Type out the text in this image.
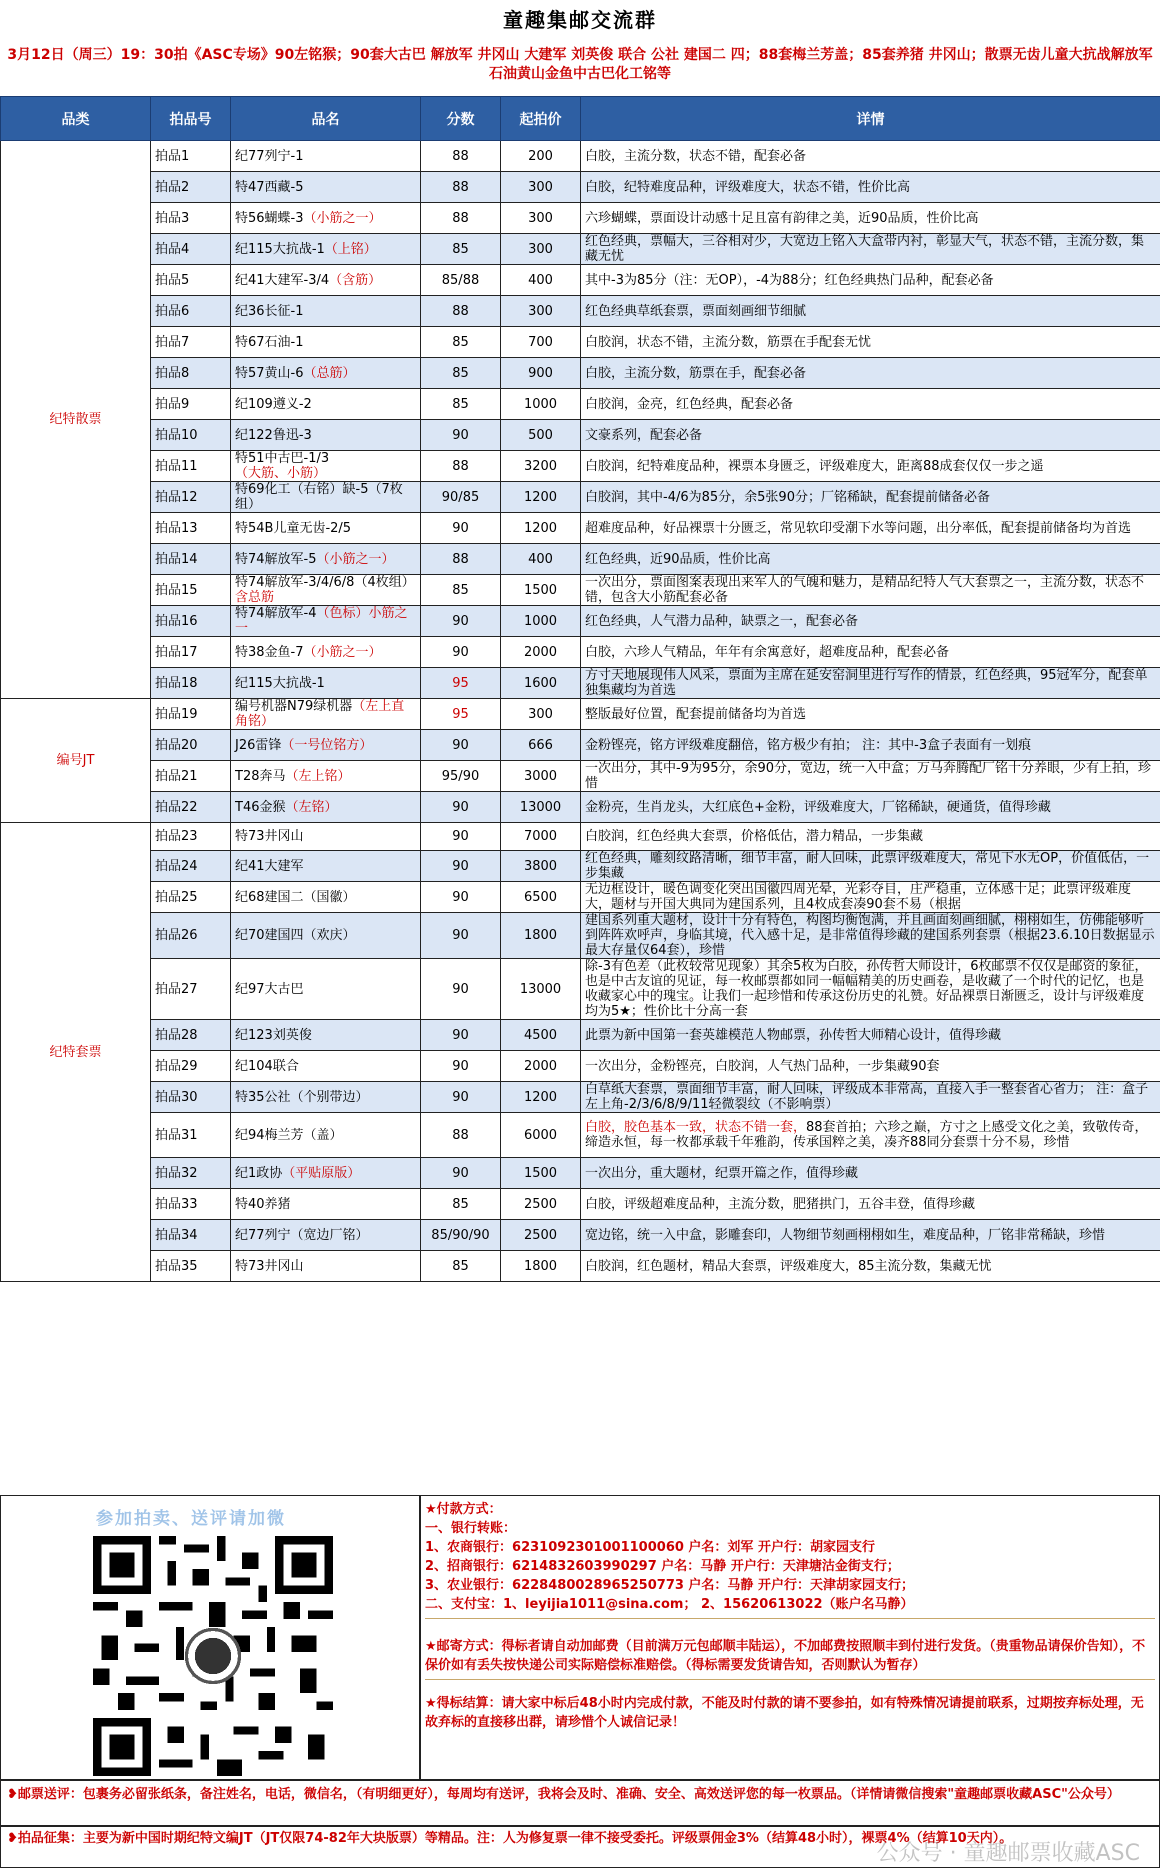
童趣集邮交流群
3月12日（周三）19：30拍《ASC专场》90左铭猴；90套大古巴 解放军 井冈山 大建军 刘英俊 联合 公社 建国二 四；88套梅兰芳盖；85套养猪 井冈山；散票无齿儿童大抗战解放军石油黄山金鱼中古巴化工铭等
品类	拍品号	品名	分数	起拍价	详情
纪特散票	拍品1	纪77列宁-1	88	200	白胶，主流分数，状态不错，配套必备
	拍品2	特47西藏-5	88	300	白胶，纪特难度品种，评级难度大，状态不错，性价比高
	拍品3	特56蝴蝶-3（小筋之一）	88	300	六珍蝴蝶，票面设计动感十足且富有韵律之美，近90品质，性价比高
	拍品4	纪115大抗战-1（上铭）	85	300	红色经典，票幅大，三谷相对少，大宽边上铭入大盒带内衬，彰显大气，状态不错，主流分数，集藏无忧
	拍品5	纪41大建军-3/4（含筋）	85/88	400	其中-3为85分（注：无OP），-4为88分；红色经典热门品种，配套必备
	拍品6	纪36长征-1	88	300	红色经典草纸套票，票面刻画细节细腻
	拍品7	特67石油-1	85	700	白胶润，状态不错，主流分数，筋票在手配套无忧
	拍品8	特57黄山-6（总筋）	85	900	白胶，主流分数，筋票在手，配套必备
	拍品9	纪109遵义-2	85	1000	白胶润，金亮，红色经典，配套必备
	拍品10	纪122鲁迅-3	90	500	文豪系列，配套必备
	拍品11	特51中古巴-1/3（大筋、小筋）	88	3200	白胶润，纪特难度品种，裸票本身匮乏，评级难度大，距离88成套仅仅一步之遥
	拍品12	特69化工（右铭）缺-5（7枚组）	90/85	1200	白胶润，其中-4/6为85分，余5张90分；厂铭稀缺，配套提前储备必备
	拍品13	特54B儿童无齿-2/5	90	1200	超难度品种，好品裸票十分匮乏，常见软印受潮下水等问题，出分率低，配套提前储备均为首选
	拍品14	特74解放军-5（小筋之一）	88	400	红色经典，近90品质，性价比高
	拍品15	特74解放军-3/4/6/8（4枚组）含总筋	85	1500	一次出分，票面图案表现出来军人的气魄和魅力，是精品纪特人气大套票之一，主流分数，状态不错，包含大小筋配套必备
	拍品16	特74解放军-4（色标）小筋之一	90	1000	红色经典，人气潜力品种，缺票之一，配套必备
	拍品17	特38金鱼-7（小筋之一）	90	2000	白胶，六珍人气精品，年年有余寓意好，超难度品种，配套必备
	拍品18	纪115大抗战-1	95	1600	方寸天地展现伟人风采，票面为主席在延安窑洞里进行写作的情景，红色经典，95冠军分，配套单独集藏均为首选
编号JT	拍品19	编号机器N79绿机器（左上直角铭）	95	300	整版最好位置，配套提前储备均为首选
	拍品20	J26雷锋（一号位铭方）	90	666	金粉铿亮，铭方评级难度翻倍，铭方极少有拍； 注：其中-3盒子表面有一划痕
	拍品21	T28奔马（左上铭）	95/90	3000	一次出分，其中-9为95分，余90分，宽边，统一入中盒；万马奔腾配厂铭十分养眼，少有上拍，珍惜
	拍品22	T46金猴（左铭）	90	13000	金粉亮，生肖龙头，大红底色+金粉，评级难度大，厂铭稀缺，硬通货，值得珍藏
纪特套票	拍品23	特73井冈山	90	7000	白胶润，红色经典大套票，价格低估，潜力精品，一步集藏
	拍品24	纪41大建军	90	3800	红色经典，雕刻纹路清晰，细节丰富，耐人回味，此票评级难度大，常见下水无OP，价值低估，一步集藏
	拍品25	纪68建国二（国徽）	90	6500	无边框设计，暖色调变化突出国徽四周光晕，光彩夺目，庄严稳重，立体感十足；此票评级难度大，题材与开国大典同为建国系列，且4枚成套凑90套不易（根据
	拍品26	纪70建国四（欢庆）	90	1800	建国系列重大题材，设计十分有特色，构图均衡饱满，并且画面刻画细腻，栩栩如生，仿佛能够听到阵阵欢呼声，身临其境，代入感十足，是非常值得珍藏的建国系列套票（根据23.6.10日数据显示最大存量仅64套），珍惜
	拍品27	纪97大古巴	90	13000	除-3有色差（此枚较常见现象）其余5枚为白胶，孙传哲大师设计，6枚邮票不仅仅是邮资的象征，也是中古友谊的见证，每一枚邮票都如同一幅幅精美的历史画卷，是收藏了一个时代的记忆，也是收藏家心中的瑰宝。让我们一起珍惜和传承这份历史的礼赞。好品裸票日渐匮乏，设计与评级难度均为5★；性价比十分高一套
	拍品28	纪123刘英俊	90	4500	此票为新中国第一套英雄模范人物邮票，孙传哲大师精心设计，值得珍藏
	拍品29	纪104联合	90	2000	一次出分，金粉铿亮，白胶润，人气热门品种，一步集藏90套
	拍品30	特35公社（个别带边）	90	1200	白草纸大套票，票面细节丰富，耐人回味，评级成本非常高，直接入手一整套省心省力； 注：盒子左上角-2/3/6/8/9/11轻微裂纹（不影响票）
	拍品31	纪94梅兰芳（盖）	88	6000	白胶，胶色基本一致，状态不错一套，88套首拍；六珍之巅，方寸之上感受文化之美，致敬传奇，缔造永恒，每一枚都承载千年雅韵，传承国粹之美，凑齐88同分套票十分不易，珍惜
	拍品32	纪1政协（平贴原版）	90	1500	一次出分，重大题材，纪票开篇之作，值得珍藏
	拍品33	特40养猪	85	2500	白胶，评级超难度品种，主流分数，肥猪拱门，五谷丰登，值得珍藏
	拍品34	纪77列宁（宽边厂铭）	85/90/90	2500	宽边铭，统一入中盒，影雕套印，人物细节刻画栩栩如生，难度品种，厂铭非常稀缺，珍惜
	拍品35	特73井冈山	85	1800	白胶润，红色题材，精品大套票，评级难度大，85主流分数，集藏无忧
参加拍卖、送评请加微	★付款方式：
一、银行转账：
1、农商银行：6231092301001100060 户名：刘军 开户行：胡家园支行
2、招商银行：6214832603990297 户名：马静 开户行：天津塘沽金街支行；
3、农业银行：6228480028965250773 户名：马静 开户行：天津胡家园支行；
二、支付宝：1、leyijia1011@sina.com； 2、15620613022（账户名马静）
★邮寄方式：得标者请自动加邮费（目前满万元包邮顺丰陆运），不加邮费按照顺丰到付进行发货。（贵重物品请保价告知），不保价如有丢失按快递公司实际赔偿标准赔偿。（得标需要发货请告知，否则默认为暂存）
★得标结算：请大家中标后48小时内完成付款，不能及时付款的请不要参拍，如有特殊情况请提前联系，过期按弃标处理，无故弃标的直接移出群，请珍惜个人诚信记录！
❥邮票送评：包裹务必留张纸条，备注姓名，电话，微信名，（有明细更好），每周均有送评，我将会及时、准确、安全、高效送评您的每一枚票品。（详情请微信搜索"童趣邮票收藏ASC"公众号）
❥拍品征集：主要为新中国时期纪特文编JT（JT仅限74-82年大块版票）等精品。注：人为修复票一律不接受委托。评级票佣金3%（结算48小时），裸票4%（结算10天内）。
公众号 · 童趣邮票收藏ASC
